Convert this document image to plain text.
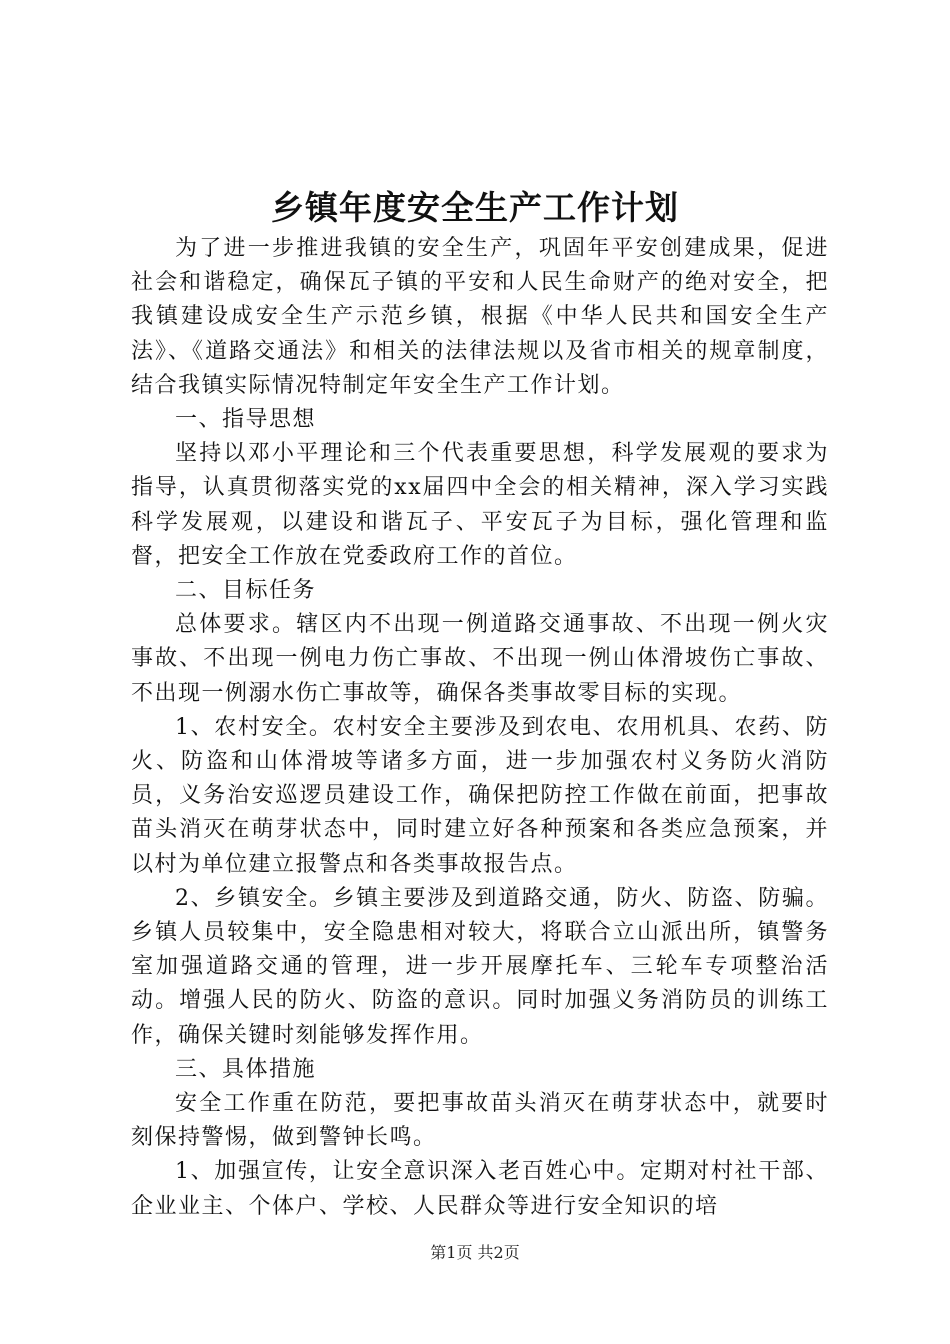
乡镇年度安全生产工作计划

为了进一步推进我镇的安全生产，巩固年平安创建成果，促进社会和谐稳定，确保瓦子镇的平安和人民生命财产的绝对安全，把我镇建设成安全生产示范乡镇，根据《中华人民共和国安全生产法》、《道路交通法》和相关的法律法规以及省市相关的规章制度，结合我镇实际情况特制定年安全生产工作计划。

一、指导思想

坚持以邓小平理论和三个代表重要思想，科学发展观的要求为指导，认真贯彻落实党的xx届四中全会的相关精神，深入学习实践科学发展观，以建设和谐瓦子、平安瓦子为目标，强化管理和监督，把安全工作放在党委政府工作的首位。

二、目标任务

总体要求。辖区内不出现一例道路交通事故、不出现一例火灾事故、不出现一例电力伤亡事故、不出现一例山体滑坡伤亡事故、不出现一例溺水伤亡事故等，确保各类事故零目标的实现。

1、农村安全。农村安全主要涉及到农电、农用机具、农药、防火、防盗和山体滑坡等诸多方面，进一步加强农村义务防火消防员，义务治安巡逻员建设工作，确保把防控工作做在前面，把事故苗头消灭在萌芽状态中，同时建立好各种预案和各类应急预案，并以村为单位建立报警点和各类事故报告点。

2、乡镇安全。乡镇主要涉及到道路交通，防火、防盗、防骗。乡镇人员较集中，安全隐患相对较大，将联合立山派出所，镇警务室加强道路交通的管理，进一步开展摩托车、三轮车专项整治活动。增强人民的防火、防盗的意识。同时加强义务消防员的训练工作，确保关键时刻能够发挥作用。

三、具体措施

安全工作重在防范，要把事故苗头消灭在萌芽状态中，就要时刻保持警惕，做到警钟长鸣。

1、加强宣传，让安全意识深入老百姓心中。定期对村社干部、企业业主、个体户、学校、人民群众等进行安全知识的培

第1页 共2页
